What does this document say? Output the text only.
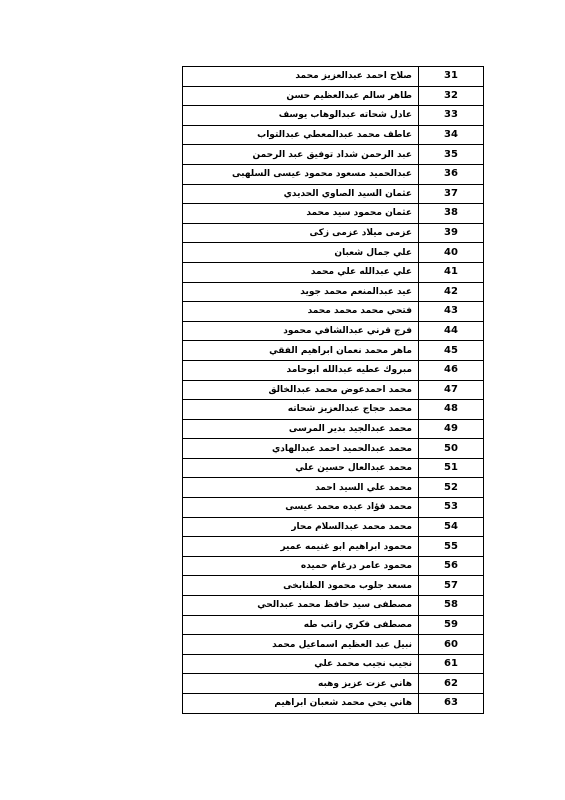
صلاح احمد عبدالعزيز محمد	31
طاهر سالم عبدالعظيم حسن	32
عادل شحاته عبدالوهاب يوسف	33
عاطف محمد عبدالمعطي عبدالتواب	34
عبد الرحمن شداد توفيق عبد الرحمن	35
عبدالحميد مسعود محمود عيسى السلهبى	36
عثمان السيد الصاوي الحديدي	37
عثمان محمود سيد محمد	38
عزمى ميلاد عزمى زكى	39
علي جمال شعبان	40
علي عبدالله علي محمد	41
عيد عبدالمنعم محمد جويد	42
فتحي محمد محمد محمد	43
فرج قرني عبدالشافي محمود	44
ماهر محمد نعمان ابراهيم الفقي	45
مبروك عطيه عبدالله ابوحامد	46
محمد احمدعوض محمد عبدالخالق	47
محمد حجاج عبدالعزيز شحاته	48
محمد عبدالجيد بدير المرسى	49
محمد عبدالحميد احمد عبدالهادي	50
محمد عبدالعال حسين علي	51
محمد علي السيد احمد	52
محمد فؤاد عبده محمد عيسى	53
محمد محمد عبدالسلام محار	54
محمود ابراهيم ابو غنيمه عمير	55
محمود عامر درغام حميده	56
مسعد جلوب محمود الطنابخى	57
مصطفى سيد حافظ محمد عبدالحي	58
مصطفى فكري راتب طه	59
نبيل عبد العظيم اسماعيل محمد	60
نجيب نجيب محمد علي	61
هاني عزت عزيز وهبه	62
هاني يحي محمد شعبان ابراهيم	63
